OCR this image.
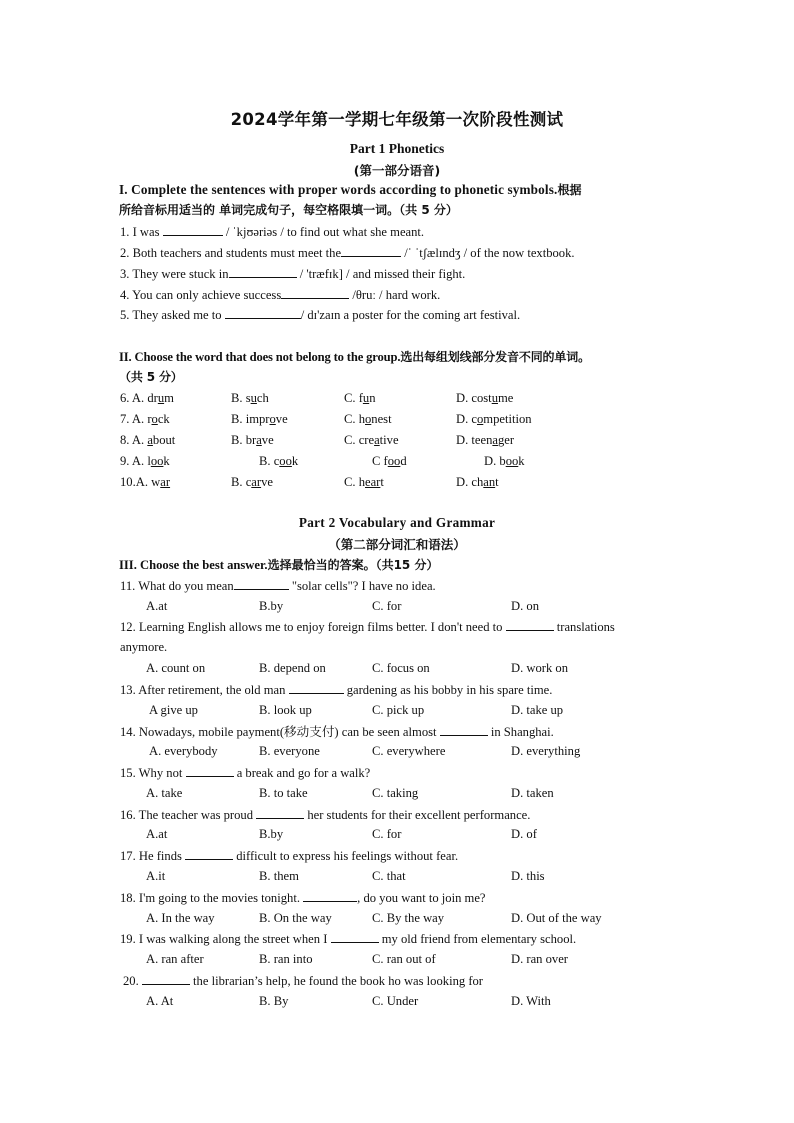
2024学年第一学期七年级第一次阶段性测试
Part 1 Phonetics
(第一部分语音)
I. Complete the sentences with proper words according to phonetic symbols.根据
所给音标用适当的 单词完成句子，每空格限填一词。（共 5 分）
1. I was	/ ˈkjʊəriəs / to find out what she meant.
2. Both teachers and students must meet the	/ˈ ˈtʃælɪndʒ / of the now textbook.
3. They were stuck in	/ 'træfɪk] / and missed their fight.
4. You can only achieve success	/θruː / hard work.
5. They asked me to	/ dɪ'zaɪn a poster for the coming art festival.
II. Choose the word that does not belong to the group.选出每组划线部分发音不同的单词。
（共 5 分）
6. A. drum	B. such	C. fun	D. costume
7. A. rock	B. improve	C. honest	D. competition
8. A. about	B. brave	C. creative	D. teenager
9. A. look	B. cook	C food	D. book
10.A. war	B. carve	C. heart	D. chant
Part 2 Vocabulary and Grammar
（第二部分词汇和语法）
III. Choose the best answer.选择最恰当的答案。（共15 分）
11. What do you mean	"solar cells"? I have no idea.
A.at	B.by	C. for	D. on
12. Learning English allows me to enjoy foreign films better. I don't need to	translations
anymore.
A. count on	B. depend on	C. focus on	D. work on
13. After retirement, the old man	gardening as his bobby in his spare time.
A give up	B. look up	C. pick up	D. take up
14. Nowadays, mobile payment(移动支付) can be seen almost	in Shanghai.
A. everybody	B. everyone	C. everywhere	D. everything
15. Why not	a break and go for a walk?
A. take	B. to take	C. taking	D. taken
16. The teacher was proud	her students for their excellent performance.
A.at	B.by	C. for	D. of
17. He finds	difficult to express his feelings without fear.
A.it	B. them	C. that	D. this
18. I'm going to the movies tonight.	, do you want to join me?
A. In the way	B. On the way	C. By the way	D. Out of the way
19. I was walking along the street when I	my old friend from elementary school.
A. ran after	B. ran into	C. ran out of	D. ran over
20.	the librarian’s help, he found the book ho was looking for
A. At	B. By	C. Under	D. With
